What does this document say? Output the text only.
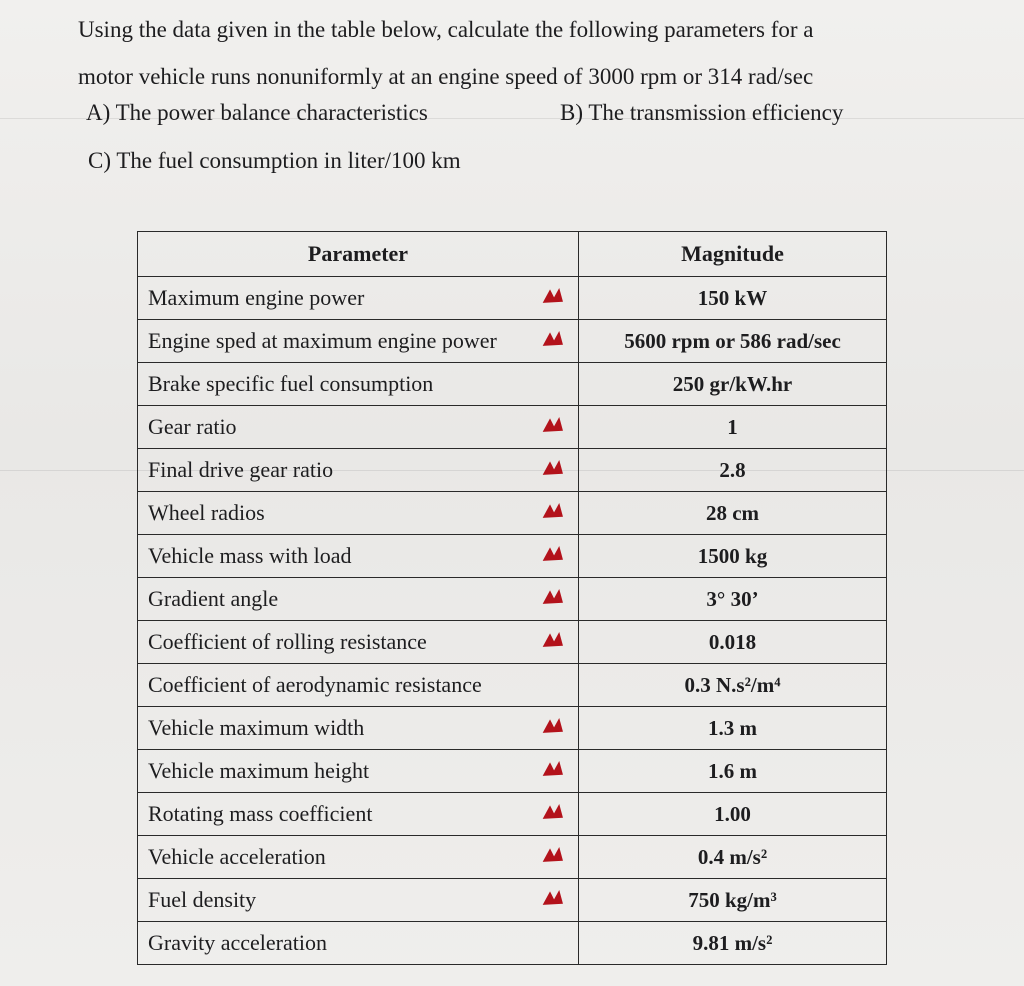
Using the data given in the table below, calculate the following parameters for a
motor vehicle runs nonuniformly at an engine speed of 3000 rpm or 314 rad/sec
A) The power balance characteristics	B) The transmission efficiency
C) The fuel consumption in liter/100 km
Parameter	Magnitude
Maximum engine power	150 kW
Engine sped at maximum engine power	5600 rpm or 586 rad/sec
Brake specific fuel consumption	250 gr/kW.hr
Gear ratio	1
Final drive gear ratio	2.8
Wheel radios	28 cm
Vehicle mass with load	1500 kg
Gradient angle	3° 30’
Coefficient of rolling resistance	0.018
Coefficient of aerodynamic resistance	0.3 N.s²/m⁴
Vehicle maximum width	1.3 m
Vehicle maximum height	1.6 m
Rotating mass coefficient	1.00
Vehicle acceleration	0.4 m/s²
Fuel density	750 kg/m³
Gravity acceleration	9.81 m/s²
